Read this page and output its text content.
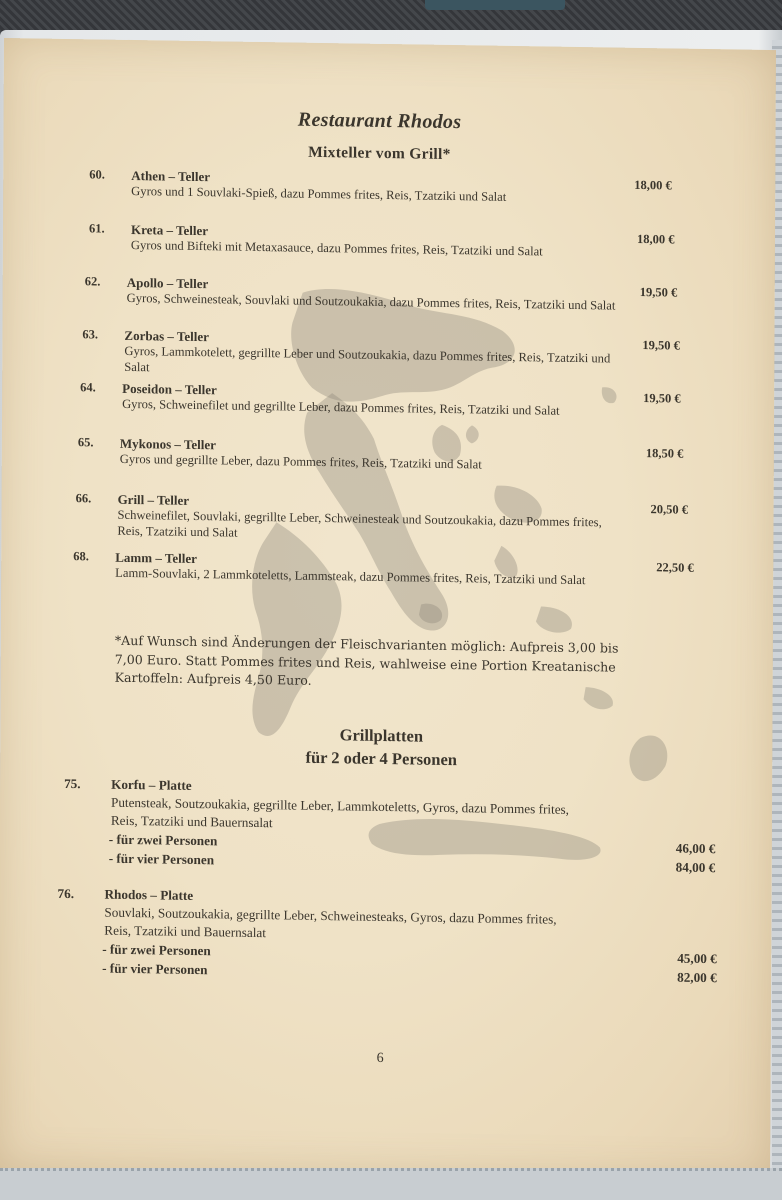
Restaurant Rhodos
Mixteller vom Grill*
60. Athen – Teller
Gyros und 1 Souvlaki-Spieß, dazu Pommes frites, Reis, Tzatziki und Salat	18,00 €
61. Kreta – Teller
Gyros und Bifteki mit Metaxasauce, dazu Pommes frites, Reis, Tzatziki und Salat	18,00 €
62. Apollo – Teller
Gyros, Schweinesteak, Souvlaki und Soutzoukakia, dazu Pommes frites, Reis, Tzatziki und Salat 19,50 €
63. Zorbas – Teller
Gyros, Lammkotelett, gegrillte Leber und Soutzoukakia, dazu Pommes frites, Reis, Tzatziki und Salat
19,50 €
64. Poseidon – Teller
Gyros, Schweinefilet und gegrillte Leber, dazu Pommes frites, Reis, Tzatziki und Salat	19,50 €
65. Mykonos – Teller
Gyros und gegrillte Leber, dazu Pommes frites, Reis, Tzatziki und Salat	18,50 €
66. Grill – Teller
Schweinefilet, Souvlaki, gegrillte Leber, Schweinesteak und Soutzoukakia, dazu Pommes frites, Reis, Tzatziki und Salat
20,50 €
68. Lamm – Teller
Lamm-Souvlaki, 2 Lammkoteletts, Lammsteak, dazu Pommes frites, Reis, Tzatziki und Salat	22,50 €
*Auf Wunsch sind Änderungen der Fleischvarianten möglich: Aufpreis 3,00 bis 7,00 Euro. Statt Pommes frites und Reis, wahlweise eine Portion Kreatanische Kartoffeln: Aufpreis 4,50 Euro.
Grillplatten
für 2 oder 4 Personen
75. Korfu – Platte
Putensteak, Soutzoukakia, gegrillte Leber, Lammkoteletts, Gyros, dazu Pommes frites, Reis, Tzatziki und Bauernsalat
- für zwei Personen
46,00 €
- für vier Personen
84,00 €
76. Rhodos – Platte
Souvlaki, Soutzoukakia, gegrillte Leber, Schweinesteaks, Gyros, dazu Pommes frites, Reis, Tzatziki und Bauernsalat
- für zwei Personen
45,00 €
- für vier Personen
82,00 €
6
